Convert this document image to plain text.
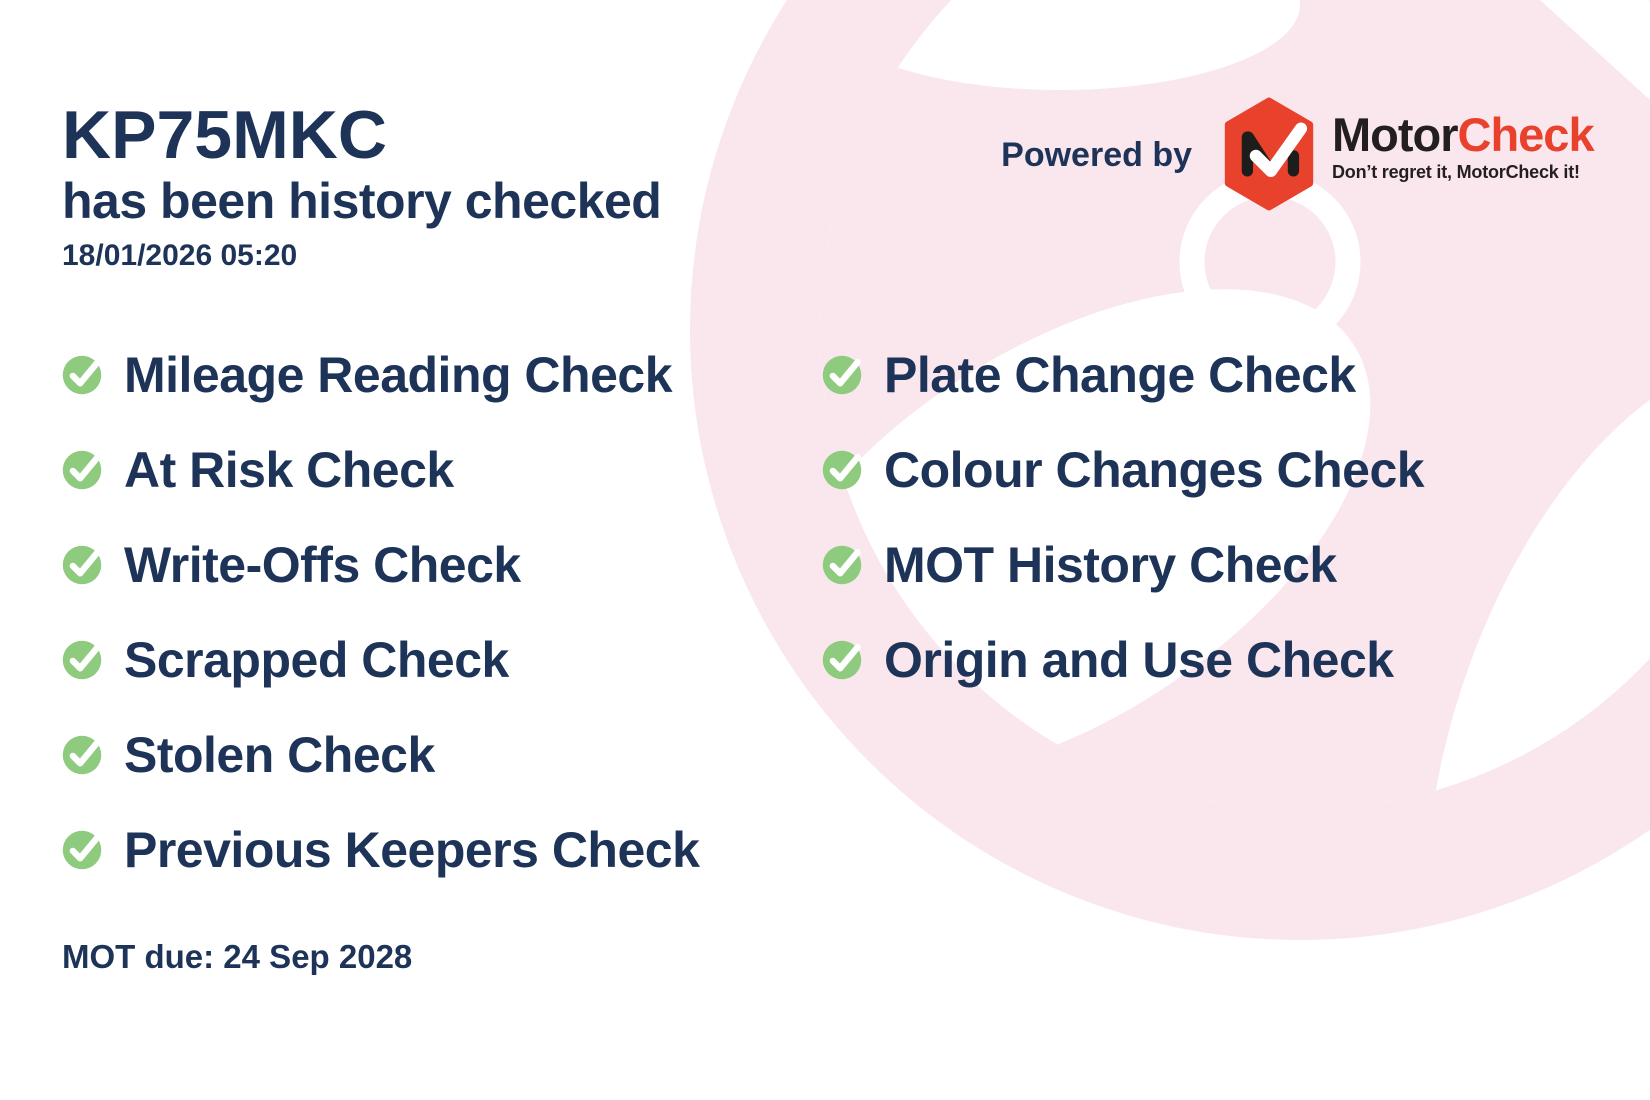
KP75MKC
has been history checked
18/01/2026 05:20
Powered by	MotorCheck
Don’t regret it, MotorCheck it!
Mileage Reading Check
At Risk Check
Write-Offs Check
Scrapped Check
Stolen Check
Previous Keepers Check
Plate Change Check
Colour Changes Check
MOT History Check
Origin and Use Check
MOT due: 24 Sep 2028
